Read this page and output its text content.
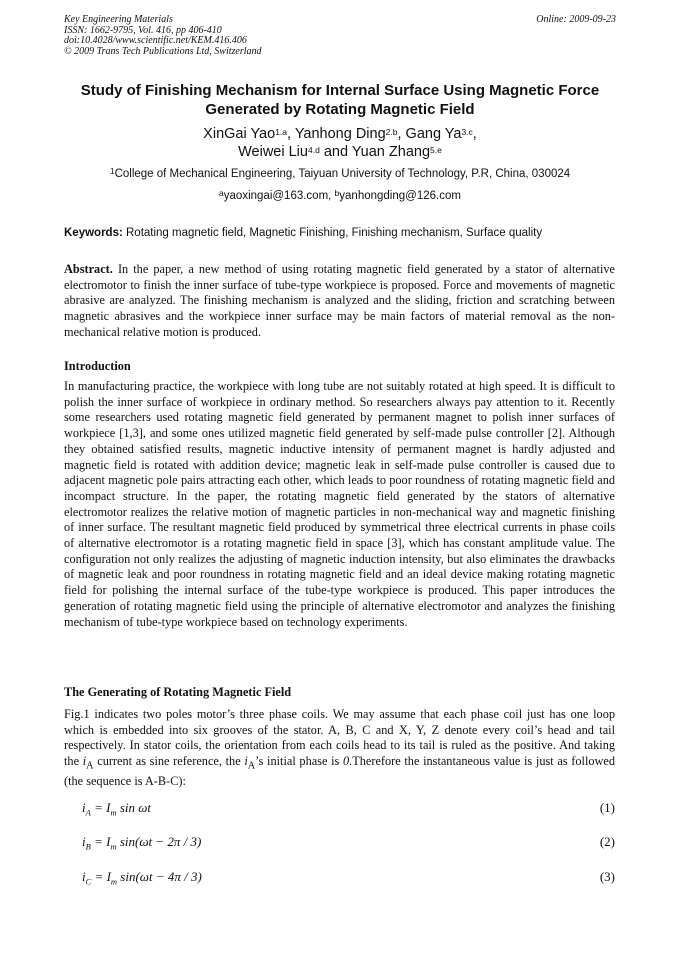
Key Engineering Materials
ISSN: 1662-9795, Vol. 416, pp 406-410
doi:10.4028/www.scientific.net/KEM.416.406
© 2009 Trans Tech Publications Ltd, Switzerland
Online: 2009-09-23
Study of Finishing Mechanism for Internal Surface Using Magnetic Force Generated by Rotating Magnetic Field
XinGai Yao$^{1.a}$, Yanhong Ding$^{2.b}$, Gang $Ya^{3.c}$,
Weiwei Liu$^{4.d}$ and Yuan Zhang$^{5.e}$
$^1$College of Mechanical Engineering, Taiyuan University of Technology, P.R, China, 030024
$^a$yaoxingai@163.com, $^b$yanhongding@126.com
Keywords: Rotating magnetic field, Magnetic Finishing, Finishing mechanism, Surface quality
Abstract. In the paper, a new method of using rotating magnetic field generated by a stator of alternative electromotor to finish the inner surface of tube-type workpiece is proposed. Force and movements of magnetic abrasive are analyzed. The finishing mechanism is analyzed and the sliding, friction and scratching between magnetic abrasives and the workpiece inner surface may be main factors of material removal as the non-mechanical relative motion is produced.
Introduction
In manufacturing practice, the workpiece with long tube are not suitably rotated at high speed. It is difficult to polish the inner surface of workpiece in ordinary method. So researchers always pay attention to it. Recently some researchers used rotating magnetic field generated by permanent magnet to polish inner surfaces of workpiece [1,3], and some ones utilized magnetic field generated by self-made pulse controller [2]. Although they obtained satisfied results, magnetic inductive intensity of permanent magnet is hardly adjusted and magnetic field is rotated with addition device; magnetic leak in self-made pulse controller is caused due to adjacent magnetic pole pairs attracting each other, which leads to poor roundness of rotating magnetic field and incompact structure. In the paper, the rotating magnetic field generated by the stators of alternative electromotor realizes the relative motion of magnetic particles in non-mechanical way and magnetic finishing of inner surface. The resultant magnetic field produced by symmetrical three electrical currents in phase coils of alternative electromotor is a rotating magnetic field in space [3], which has constant amplitude value. The configuration not only realizes the adjusting of magnetic induction intensity, but also eliminates the drawbacks of magnetic leak and poor roundness in rotating magnetic field and an ideal device making rotating magnetic field for polishing the internal surface of the tube-type workpiece is produced. This paper introduces the generation of rotating magnetic field using the principle of alternative electromotor and analyzes the finishing mechanism of tube-type workpiece based on technology experiments.
The Generating of Rotating Magnetic Field
Fig.1 indicates two poles motor’s three phase coils. We may assume that each phase coil just has one loop which is embedded into six grooves of the stator. A, B, C and X, Y, Z denote every coil’s head and tail respectively. In stator coils, the orientation from each coils head to its tail is ruled as the positive. And taking the $i_A$ current as sine reference, the $i_A’s$ initial phase is 0.Therefore the instantaneous value is just as followed (the sequence is A-B-C):
$i_A = I_m$ sin ωt	(1)
$i_B = I_m$ sin(ωt − 2π / 3)	(2)
$i_C = I_m$ sin(ωt − 4π / 3)	(3)
